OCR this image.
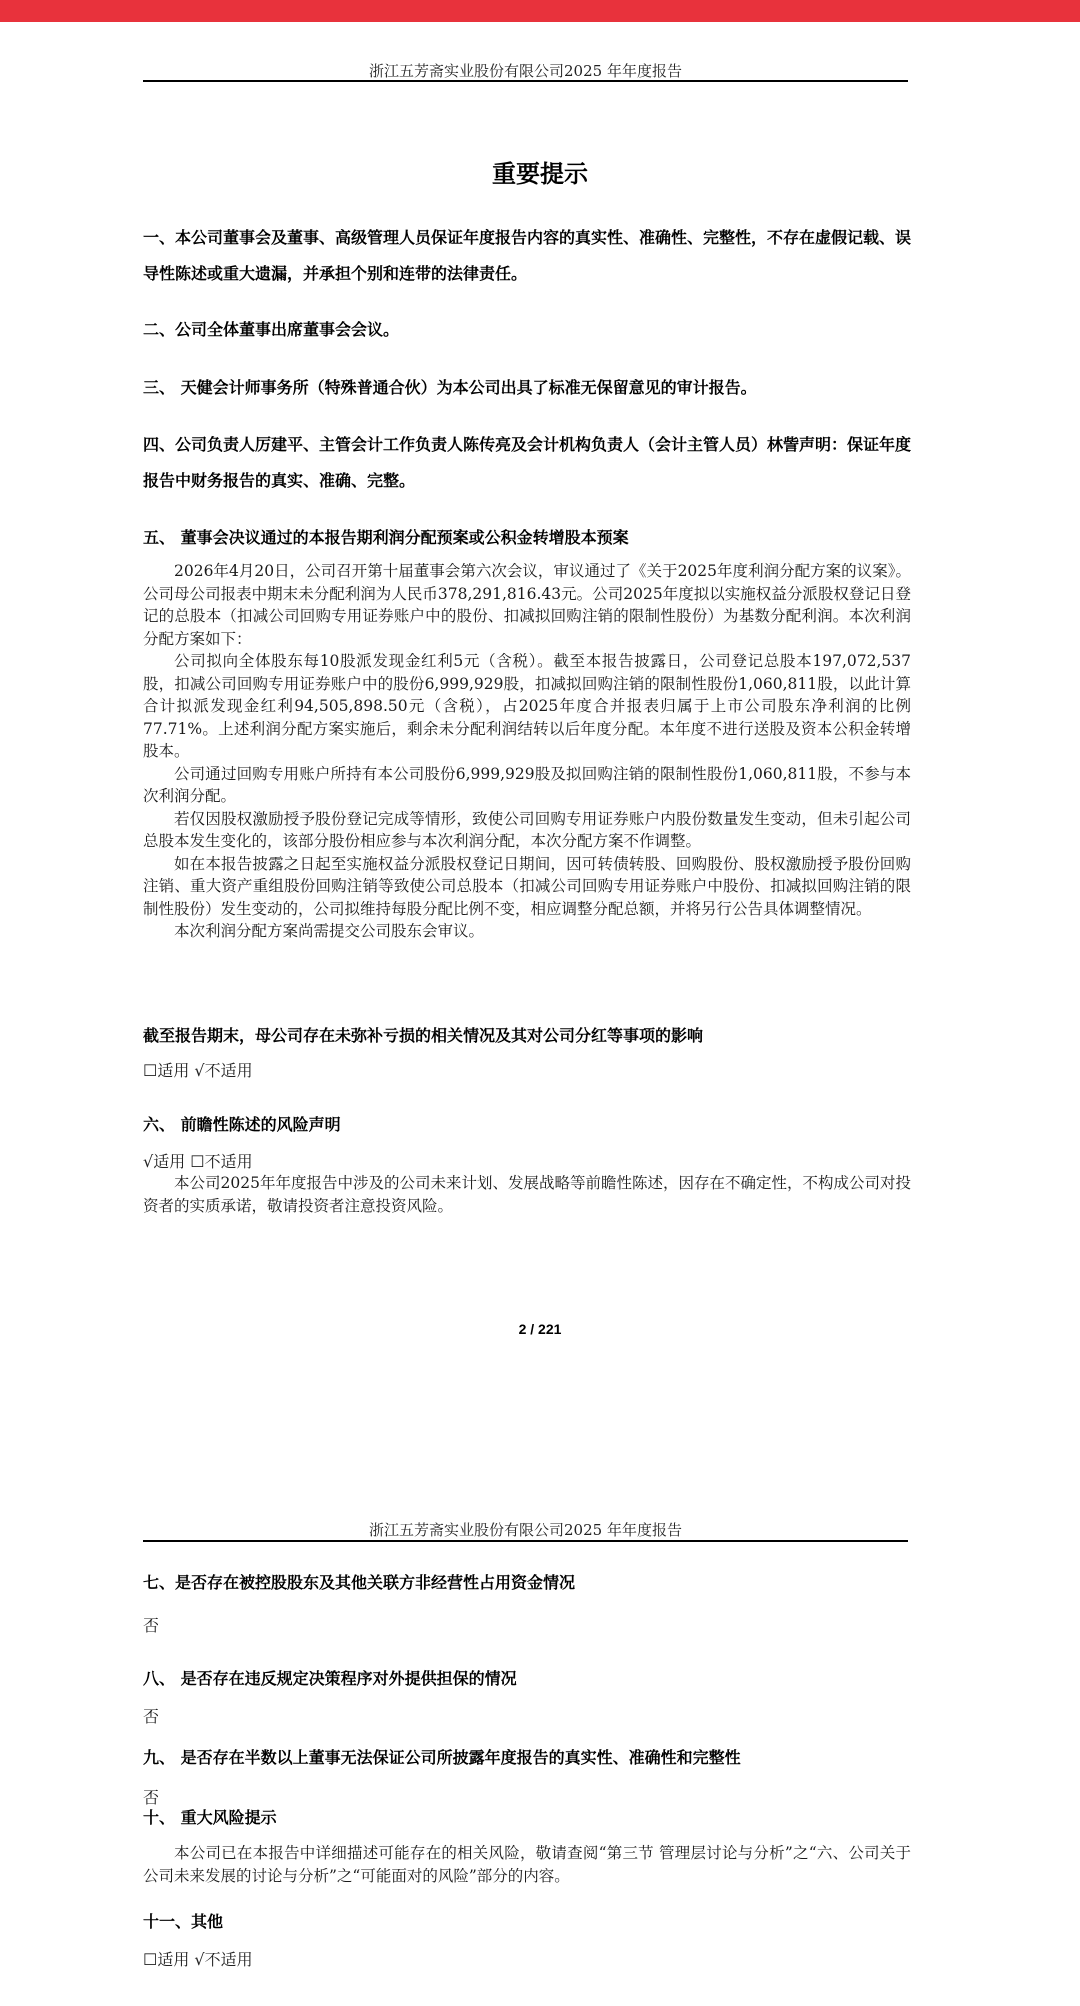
浙江五芳斋实业股份有限公司2025 年年度报告
重要提示
一、本公司董事会及董事、高级管理人员保证年度报告内容的真实性、准确性、完整性，不存在虚假记载、误导性陈述或重大遗漏，并承担个别和连带的法律责任。
二、公司全体董事出席董事会会议。
三、 天健会计师事务所（特殊普通合伙）为本公司出具了标准无保留意见的审计报告。
四、公司负责人厉建平、主管会计工作负责人陈传亮及会计机构负责人（会计主管人员）林訾声明：保证年度报告中财务报告的真实、准确、完整。
五、 董事会决议通过的本报告期利润分配预案或公积金转增股本预案
2026年4月20日，公司召开第十届董事会第六次会议，审议通过了《关于2025年度利润分配方案的议案》。公司母公司报表中期末未分配利润为人民币378,291,816.43元。公司2025年度拟以实施权益分派股权登记日登记的总股本（扣减公司回购专用证券账户中的股份、扣减拟回购注销的限制性股份）为基数分配利润。本次利润分配方案如下：
公司拟向全体股东每10股派发现金红利5元（含税）。截至本报告披露日，公司登记总股本197,072,537股，扣减公司回购专用证券账户中的股份6,999,929股，扣减拟回购注销的限制性股份1,060,811股，以此计算合计拟派发现金红利94,505,898.50元（含税），占2025年度合并报表归属于上市公司股东净利润的比例77.71%。上述利润分配方案实施后，剩余未分配利润结转以后年度分配。本年度不进行送股及资本公积金转增股本。
公司通过回购专用账户所持有本公司股份6,999,929股及拟回购注销的限制性股份1,060,811股，不参与本次利润分配。
若仅因股权激励授予股份登记完成等情形，致使公司回购专用证券账户内股份数量发生变动，但未引起公司总股本发生变化的，该部分股份相应参与本次利润分配，本次分配方案不作调整。
如在本报告披露之日起至实施权益分派股权登记日期间，因可转债转股、回购股份、股权激励授予股份回购注销、重大资产重组股份回购注销等致使公司总股本（扣减公司回购专用证券账户中股份、扣减拟回购注销的限制性股份）发生变动的，公司拟维持每股分配比例不变，相应调整分配总额，并将另行公告具体调整情况。
本次利润分配方案尚需提交公司股东会审议。
截至报告期末，母公司存在未弥补亏损的相关情况及其对公司分红等事项的影响
☐适用 √不适用
六、 前瞻性陈述的风险声明
√适用 ☐不适用
本公司2025年年度报告中涉及的公司未来计划、发展战略等前瞻性陈述，因存在不确定性，不构成公司对投资者的实质承诺，敬请投资者注意投资风险。
2 / 221
浙江五芳斋实业股份有限公司2025 年年度报告
七、是否存在被控股股东及其他关联方非经营性占用资金情况
否
八、 是否存在违反规定决策程序对外提供担保的情况
否
九、 是否存在半数以上董事无法保证公司所披露年度报告的真实性、准确性和完整性
否
十、 重大风险提示
本公司已在本报告中详细描述可能存在的相关风险，敬请查阅“第三节 管理层讨论与分析”之“六、公司关于公司未来发展的讨论与分析”之“可能面对的风险”部分的内容。
十一、其他
☐适用 √不适用
